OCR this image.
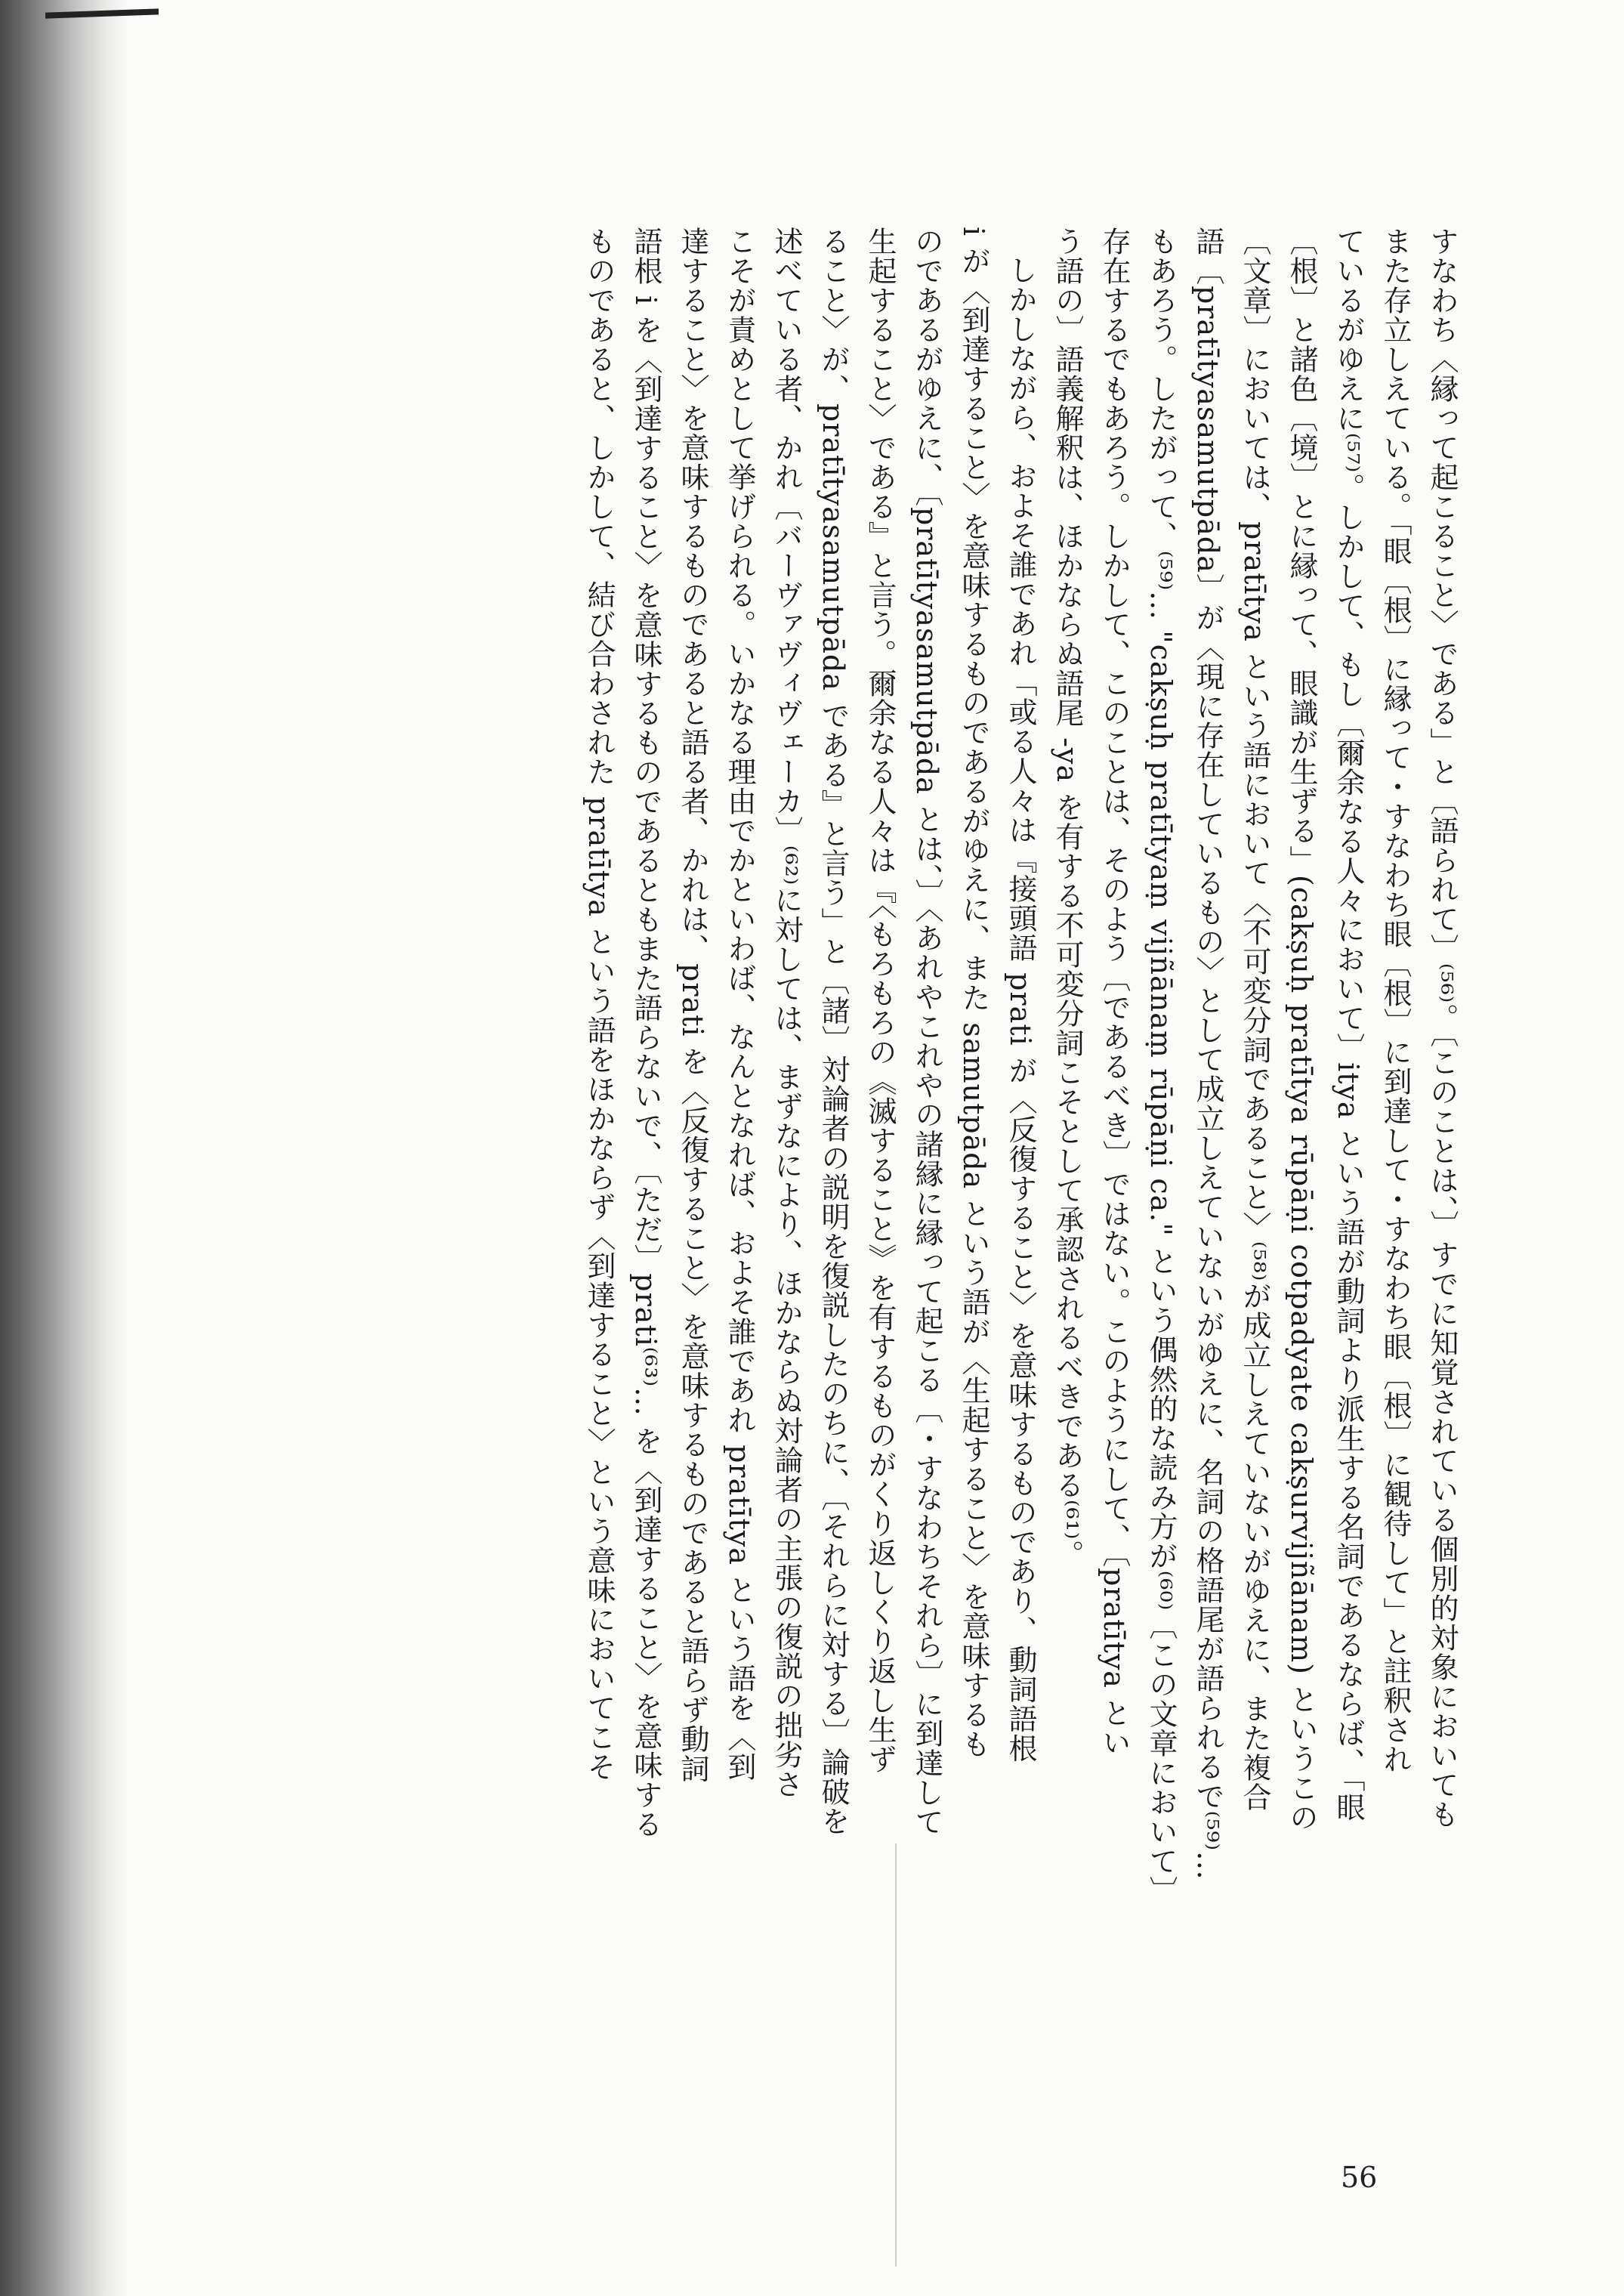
すなわち〈縁って起こること〉である」と〔語られて〕⁽⁵⁶⁾。〔このことは、〕すでに知覚されている個別的対象においても
また存立しえている。「眼〔根〕に縁って・すなわち眼〔根〕に到達して・すなわち眼〔根〕に観待して」と註釈され
ているがゆえに⁽⁵⁷⁾。しかして、もし〔爾余なる人々において〕itya という語が動詞より派生する名詞であるならば、「眼
〔根〕と諸色〔境〕とに縁って、眼識が生ずる」(cakṣuḥ pratītya rūpāṇi cotpadyate cakṣurvijñānam) というこの
〔文章〕においては、pratītya という語において〈不可変分詞であること〉⁽⁵⁸⁾が成立しえていないがゆえに、また複合
語〔pratītyasamutpāda〕が〈現に存在しているもの〉として成立しえていないがゆえに、名詞の格語尾が語られるで⁽⁵⁹⁾…
もあろう。したがって、⁽⁵⁹⁾… "cakṣuḥ pratītyaṃ vijñānaṃ rūpāṇi ca." という偶然的な読み方が⁽⁶⁰⁾〔この文章において〕
存在するでもあろう。しかして、このことは、そのよう〔であるべき〕ではない。このようにして、〔pratītya とい
う語の〕語義解釈は、ほかならぬ語尾 -ya を有する不可変分詞こそとして承認されるべきである⁽⁶¹⁾。
しかしながら、およそ誰であれ「或る人々は『接頭語 prati が〈反復すること〉を意味するものであり、動詞語根
i が〈到達すること〉を意味するものであるがゆえに、また samutpāda という語が〈生起すること〉を意味するも
のであるがゆえに、〔pratītyasamutpāda とは、〕〈あれやこれやの諸縁に縁って起こる〔・すなわちそれら〕に到達して
生起すること〉である』と言う。爾余なる人々は『〈もろもろの《滅すること》を有するものがくり返しくり返し生ず
ること〉が、pratītyasamutpāda である』と言う」と〔諸〕対論者の説明を復説したのちに、〔それらに対する〕論破を
述べている者、かれ〔バーヴァヴィヴェーカ〕⁽⁶²⁾に対しては、まずなにより、ほかならぬ対論者の主張の復説の拙劣さ
こそが責めとして挙げられる。いかなる理由でかといわば、なんとなれば、およそ誰であれ pratītya という語を〈到
達すること〉を意味するものであると語る者、かれは、prati を〈反復すること〉を意味するものであると語らず動詞
語根 i を〈到達すること〉を意味するものであるともまた語らないで、〔ただ〕prati⁽⁶³⁾… を〈到達すること〉を意味する
ものであると、しかして、結び合わされた pratītya という語をほかならず〈到達すること〉という意味においてこそ
56
